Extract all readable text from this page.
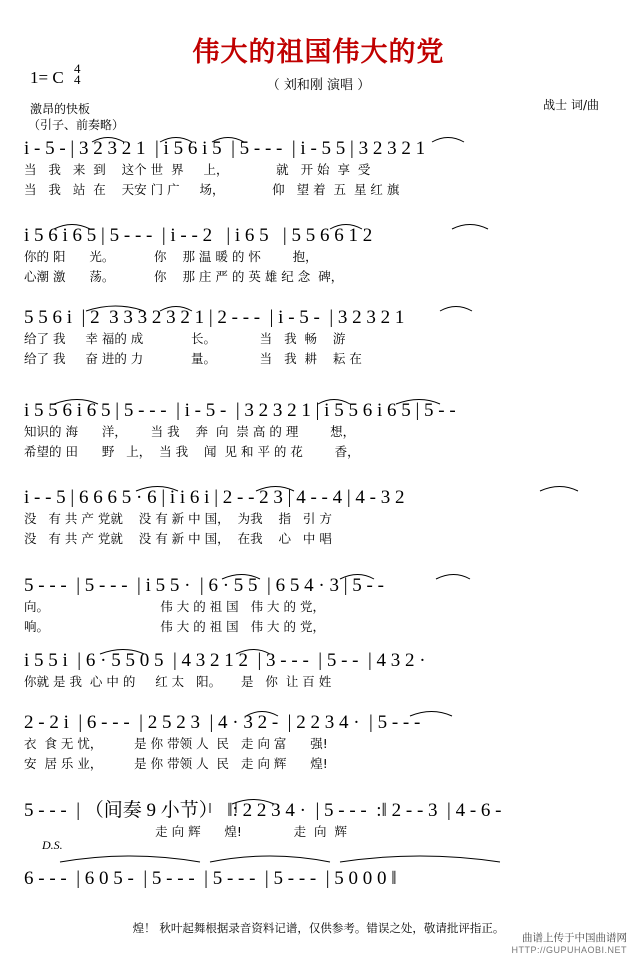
伟大的祖国伟大的党
（ 刘和刚 演唱 ）
1= C 4
4
激昂的快板
（引子、前奏略）
战士 词/曲
i - 5 - | 3 2 3 2 1  | i 5 6 i 5  | 5 - - -  | i - 5 5 | 3 2 3 2 1
当   我   来  到    这个 世  界     上，            就   开 始  享  受
当   我   站  在    天安 门 广     场，            仰   望 着  五  星 红 旗
i 5 6 i 6 5 | 5 - - -  | i - - 2   | i 6 5   | 5 5 6 6 1 2
你的 阳      光。          你    那 温 暖 的 怀        抱，
心潮 激      荡。          你    那 庄 严 的 英 雄 纪 念  碑，
5 5 6 i  | 2  3 3 3 2 3 2 1 | 2 - - -  | i - 5 -  | 3 2 3 2 1
给了 我     幸 福的 成            长。           当   我  畅    游
给了 我     奋 进的 力            量。           当   我  耕    耘 在
i 5 5 6 i 6 5 | 5 - - -  | i - 5 -  | 3 2 3 2 1 | i 5 5 6 i 6 5 | 5 - -
知识的 海      洋，      当 我    奔  向  崇 高 的 理        想，
希望的 田      野   上，  当 我    闻  见 和 平 的 花        香，
i - - 5 | 6 6 6 5 · 6 | i i 6 i | 2 - - 2 3 | 4 - - 4 | 4 - 3 2
没   有 共 产 党就    没 有 新 中 国，  为我    指   引 方
没   有 共 产 党就    没 有 新 中 国，  在我    心   中 唱
5 - - -  | 5 - - -  | i 5 5 ·  | 6 · 5 5  | 6 5 4 · 3 | 5 - -
向。                            伟 大 的 祖 国   伟 大 的 党，
响。                            伟 大 的 祖 国   伟 大 的 党，
i 5 5 i  | 6 · 5 5 0 5  | 4 3 2 1 2  | 3 - - -  | 5 - -  | 4 3 2 ·
你就 是 我  心 中 的     红 太   阳。     是   你  让 百 姓
2 - 2 i  | 6 - - -  | 2 5 2 3  | 4 · 3 2 -  | 2 2 3 4 ·  | 5 - - -
衣  食 无 忧，        是 你 带领 人  民   走 向 富      强!
安  居 乐 业，        是 你 带领 人  民   走 向 辉      煌!
5 - - -  | （间奏 9 小节）  ‖: 2 2 3 4 ·  | 5 - - -  :‖ 2 - - 3  | 4 - 6 -
走 向 辉      煌!             走  向  辉
D.S.
6 - - -  | 6 0 5 -  | 5 - - -  | 5 - - -  | 5 - - -  | 5 0 0 0 ‖
煌！ 秋叶起舞根据录音资料记谱，仅供参考。错误之处，敬请批评指正。
曲谱上传于中国曲谱网
HTTP://GUPUHAOBI.NET
